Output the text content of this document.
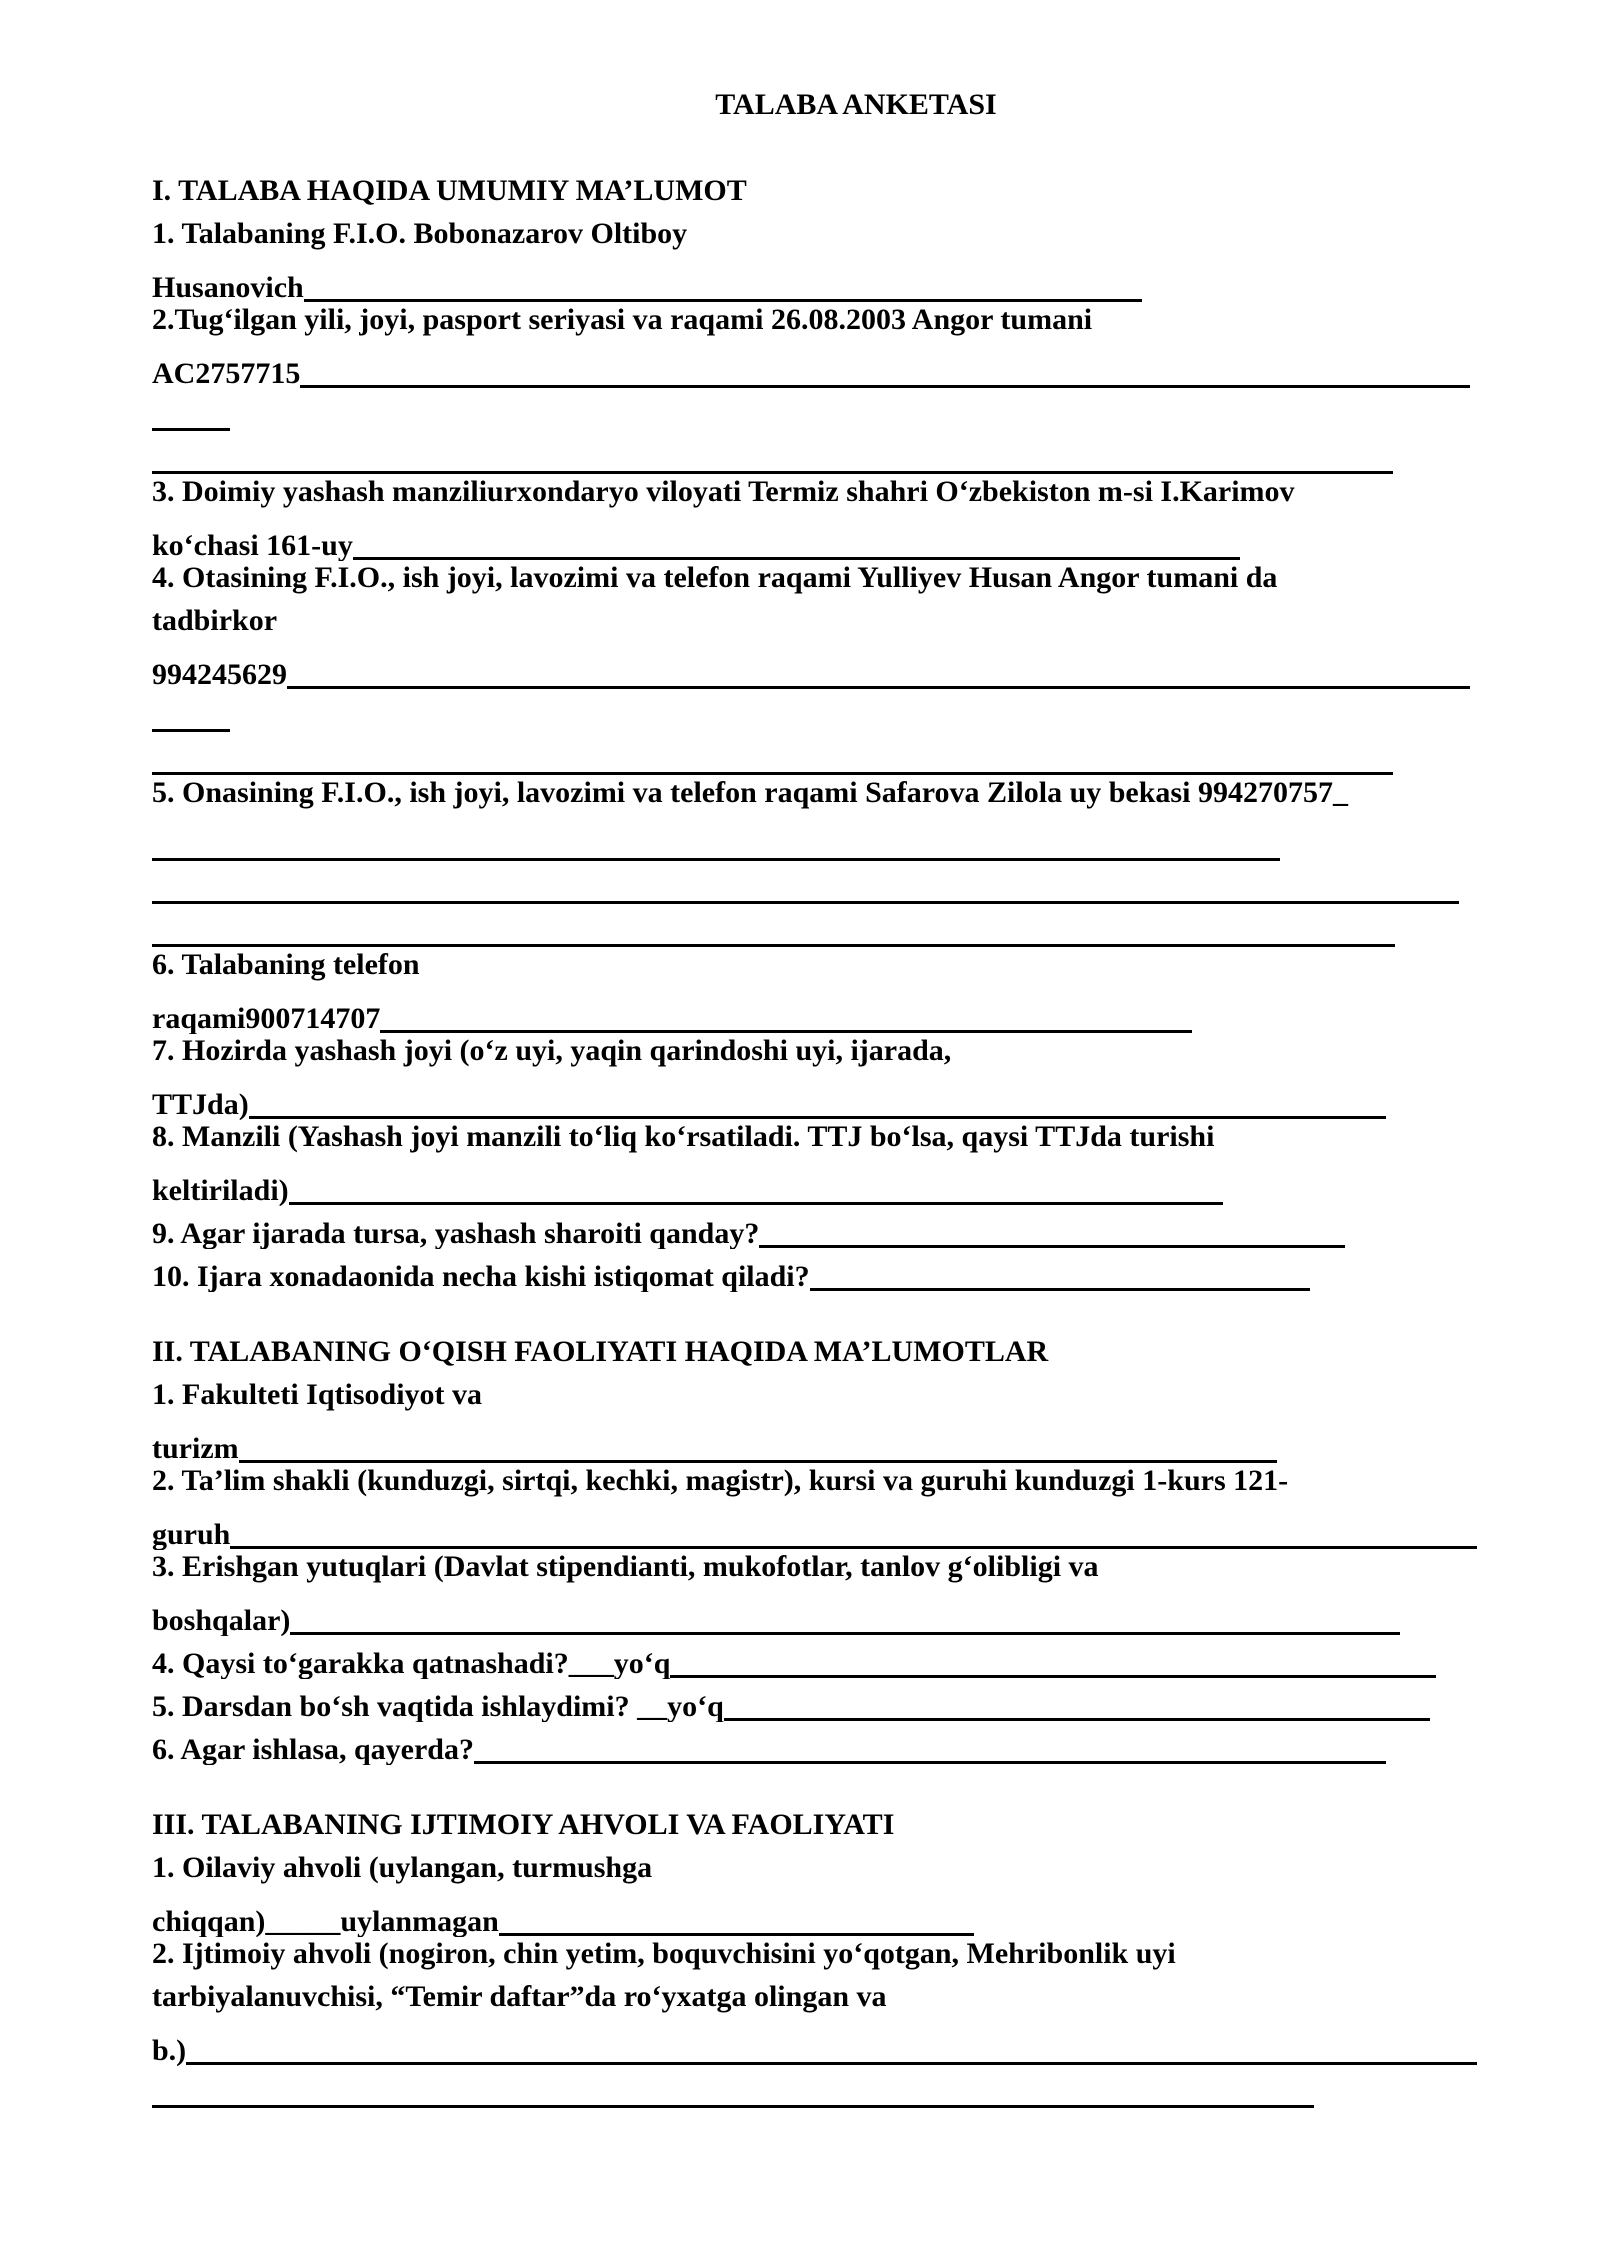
TALABA ANKETASI
I. TALABA HAQIDA UMUMIY MA’LUMOT
1. Talabaning F.I.O. Bobonazarov Oltiboy
Husanovich
2.Tug‘ilgan yili, joyi, pasport seriyasi va raqami 26.08.2003 Angor tumani
AC2757715
3. Doimiy yashash manziliurxondaryo viloyati Termiz shahri O‘zbekiston m-si I.Karimov
ko‘chasi 161-uy
4. Otasining F.I.O., ish joyi, lavozimi va telefon raqami Yulliyev Husan Angor tumani da
tadbirkor
994245629
5. Onasining F.I.O., ish joyi, lavozimi va telefon raqami Safarova Zilola uy bekasi 994270757_
6. Talabaning telefon
raqami900714707
7. Hozirda yashash joyi (o‘z uyi, yaqin qarindoshi uyi, ijarada,
TTJda)
8. Manzili (Yashash joyi manzili to‘liq ko‘rsatiladi. TTJ bo‘lsa, qaysi TTJda turishi
keltiriladi)
9. Agar ijarada tursa, yashash sharoiti qanday?
10. Ijara xonadaonida necha kishi istiqomat qiladi?
II. TALABANING O‘QISH FAOLIYATI HAQIDA MA’LUMOTLAR
1. Fakulteti Iqtisodiyot va
turizm
2. Ta’lim shakli (kunduzgi, sirtqi, kechki, magistr), kursi va guruhi kunduzgi 1-kurs 121-
guruh
3. Erishgan yutuqlari (Davlat stipendianti, mukofotlar, tanlov g‘olibligi va
boshqalar)
4. Qaysi to‘garakka qatnashadi?___yo‘q
5. Darsdan bo‘sh vaqtida ishlaydimi? __yo‘q
6. Agar ishlasa, qayerda?
III. TALABANING IJTIMOIY AHVOLI VA FAOLIYATI
1. Oilaviy ahvoli (uylangan, turmushga
chiqqan)_____uylanmagan
2. Ijtimoiy ahvoli (nogiron, chin yetim, boquvchisini yo‘qotgan, Mehribonlik uyi
tarbiyalanuvchisi, “Temir daftar”da ro‘yxatga olingan va
b.)
